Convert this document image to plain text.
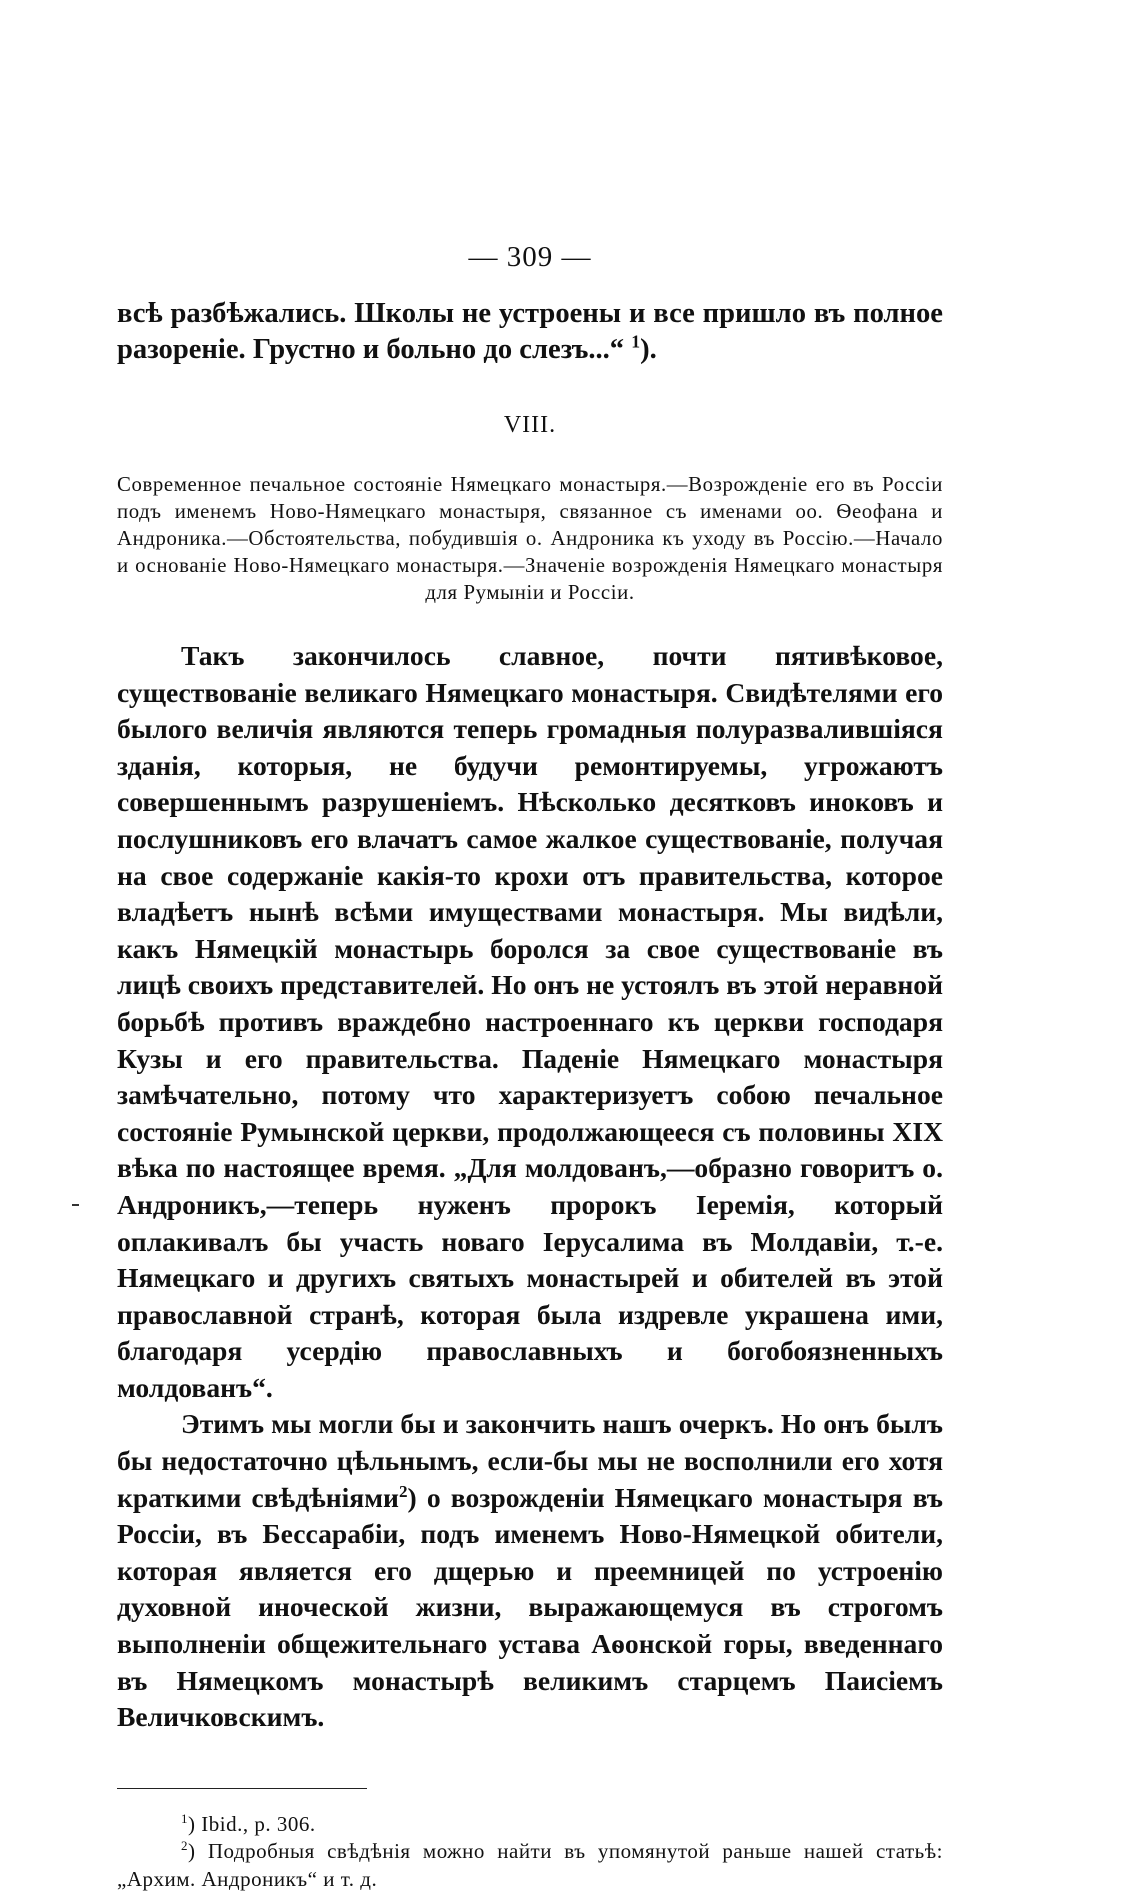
— 309 —

всѣ разбѣжались. Школы не устроены и все пришло въ полное разореніе. Грустно и больно до слезъ...“ $^1$).

VIII.

Современное печальное состояніе Нямецкаго монастыря.—Возрожденіе его въ Россіи подъ именемъ Ново-Нямецкаго монастыря, связанное съ именами оо. Ѳеофана и Андроника.—Обстоятельства, побудившія о. Андроника къ уходу въ Россію.—Начало и основаніе Ново-Нямецкаго монастыря.—Значеніе возрожденія Нямецкаго монастыря для Румыніи и Россіи.

Такъ закончилось славное, почти пятивѣковое, существованіе великаго Нямецкаго монастыря. Свидѣтелями его былого величія являются теперь громадныя полуразвалившіяся зданія, которыя, не будучи ремонтируемы, угрожаютъ совершеннымъ разрушеніемъ. Нѣсколько десятковъ иноковъ и послушниковъ его влачатъ самое жалкое существованіе, получая на свое содержаніе какія-то крохи отъ правительства, которое владѣетъ нынѣ всѣми имуществами монастыря. Мы видѣли, какъ Нямецкій монастырь боролся за свое существованіе въ лицѣ своихъ представителей. Но онъ не устоялъ въ этой неравной борьбѣ противъ враждебно настроеннаго къ церкви господаря Кузы и его правительства. Паденіе Нямецкаго монастыря замѣчательно, потому что характеризуетъ собою печальное состояніе Румынской церкви, продолжающееся съ половины XIX вѣка по настоящее время. „Для молдованъ,—образно говоритъ о. Андроникъ,—теперь нуженъ пророкъ Іеремія, который оплакивалъ бы участь новаго Іерусалима въ Молдавіи, т.-е. Нямецкаго и другихъ святыхъ монастырей и обителей въ этой православной странѣ, которая была издревле украшена ими, благодаря усердію православныхъ и богобоязненныхъ молдованъ“.

Этимъ мы могли бы и закончить нашъ очеркъ. Но онъ былъ бы недостаточно цѣльнымъ, если-бы мы не восполнили его хотя краткими свѣдѣніями$^2$) о возрожденіи Нямецкаго монастыря въ Россіи, въ Бессарабіи, подъ именемъ Ново-Нямецкой обители, которая является его дщерью и преемницей по устроенію духовной иноческой жизни, выражающемуся въ строгомъ выполненіи общежительнаго устава Аѳонской горы, введеннаго въ Нямецкомъ монастырѣ великимъ старцемъ Паисіемъ Величковскимъ.

$^1$) Ibid., p. 306.

$^2$) Подробныя свѣдѣнія можно найти въ упомянутой раньше нашей статьѣ: „Архим. Андроникъ“ и т. д.
